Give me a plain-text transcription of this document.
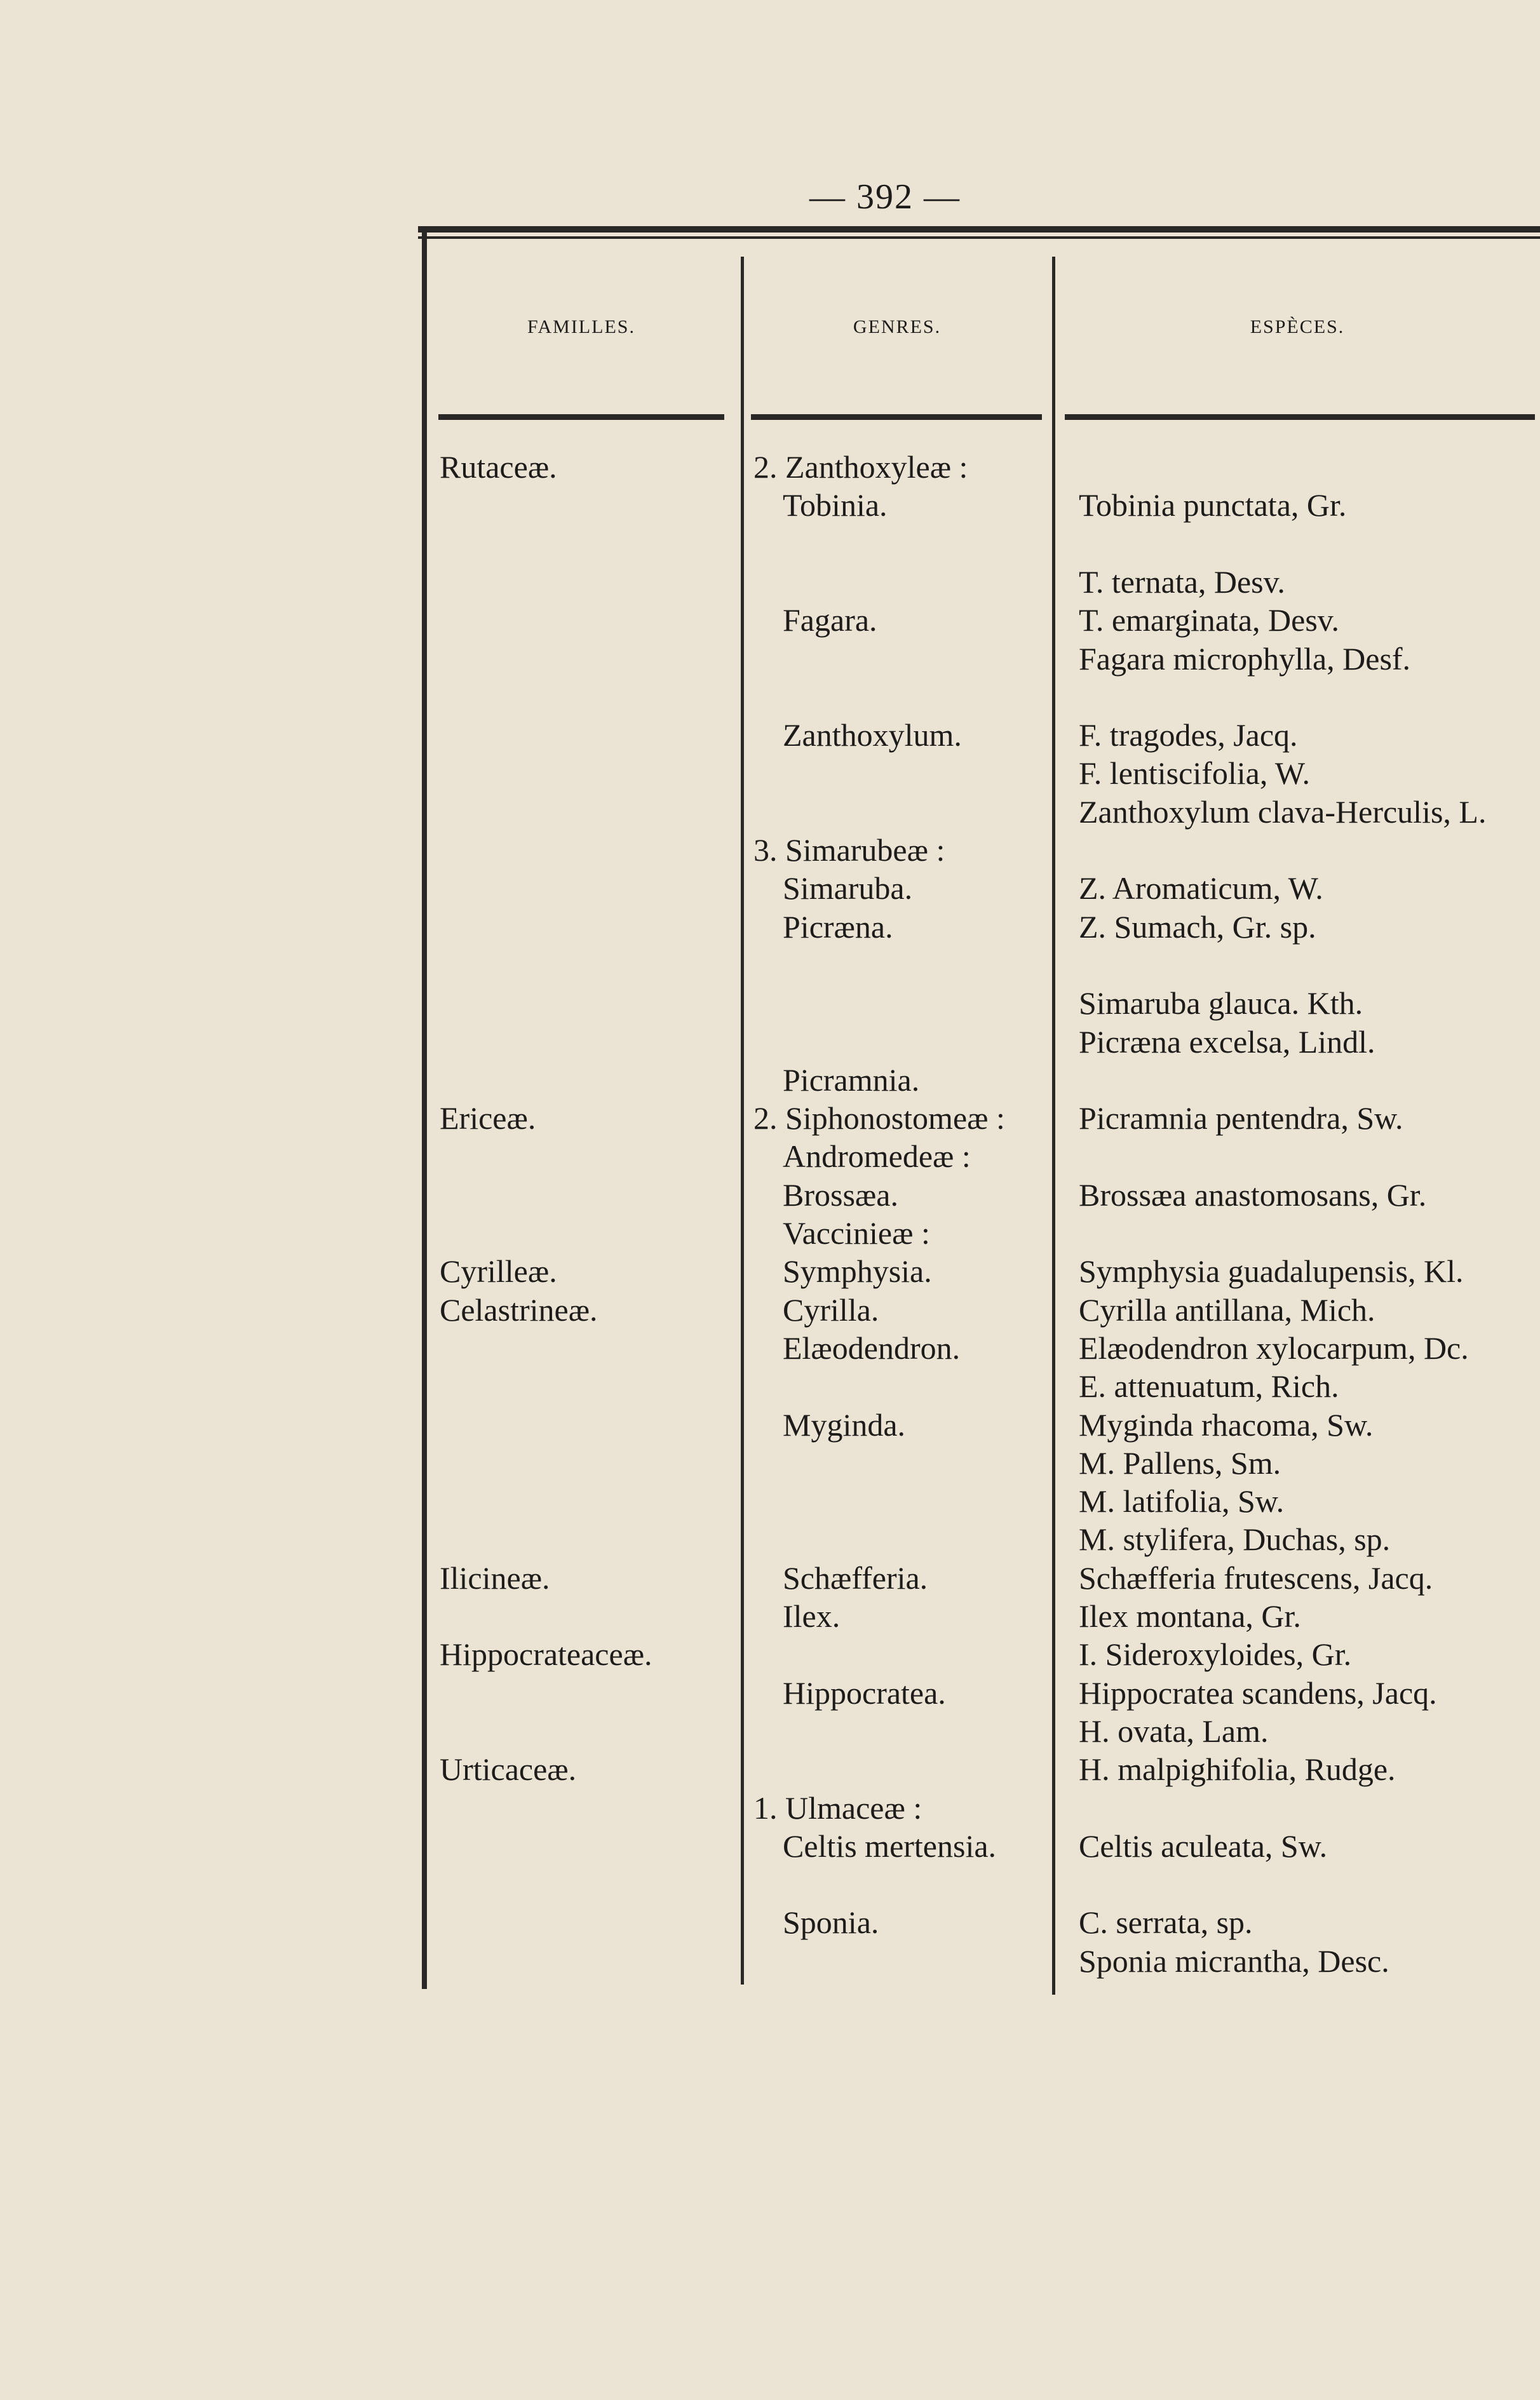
— 392 —
FAMILLES.	GENRES.	ESPÈCES.
Rutaceæ.
Ericeæ.
Cyrilleæ.
Celastrineæ.
Ilicineæ.
Hippocrateaceæ.
Urticaceæ.
2. Zanthoxyleæ :
Tobinia.
Fagara.
Zanthoxylum.
3. Simarubeæ :
Simaruba.
Picræna.
Picramnia.
2. Siphonostomeæ :
Andromedeæ :
Brossæa.
Vaccinieæ :
Symphysia.
Cyrilla.
Elæodendron.
Myginda.
Schæfferia.
Ilex.
Hippocratea.
1. Ulmaceæ :
Celtis mertensia.
Sponia.
Tobinia punctata, Gr.
T. ternata, Desv.
T. emarginata, Desv.
Fagara microphylla, Desf.
F. tragodes, Jacq.
F. lentiscifolia, W.
Zanthoxylum clava-Herculis, L.
Z. Aromaticum, W.
Z. Sumach, Gr. sp.
Simaruba glauca. Kth.
Picræna excelsa, Lindl.
Picramnia pentendra, Sw.
Brossæa anastomosans, Gr.
Symphysia guadalupensis, Kl.
Cyrilla antillana, Mich.
Elæodendron xylocarpum, Dc.
E. attenuatum, Rich.
Myginda rhacoma, Sw.
M. Pallens, Sm.
M. latifolia, Sw.
M. stylifera, Duchas, sp.
Schæfferia frutescens, Jacq.
Ilex montana, Gr.
I. Sideroxyloides, Gr.
Hippocratea scandens, Jacq.
H. ovata, Lam.
H. malpighifolia, Rudge.
Celtis aculeata, Sw.
C. serrata, sp.
Sponia micrantha, Desc.
